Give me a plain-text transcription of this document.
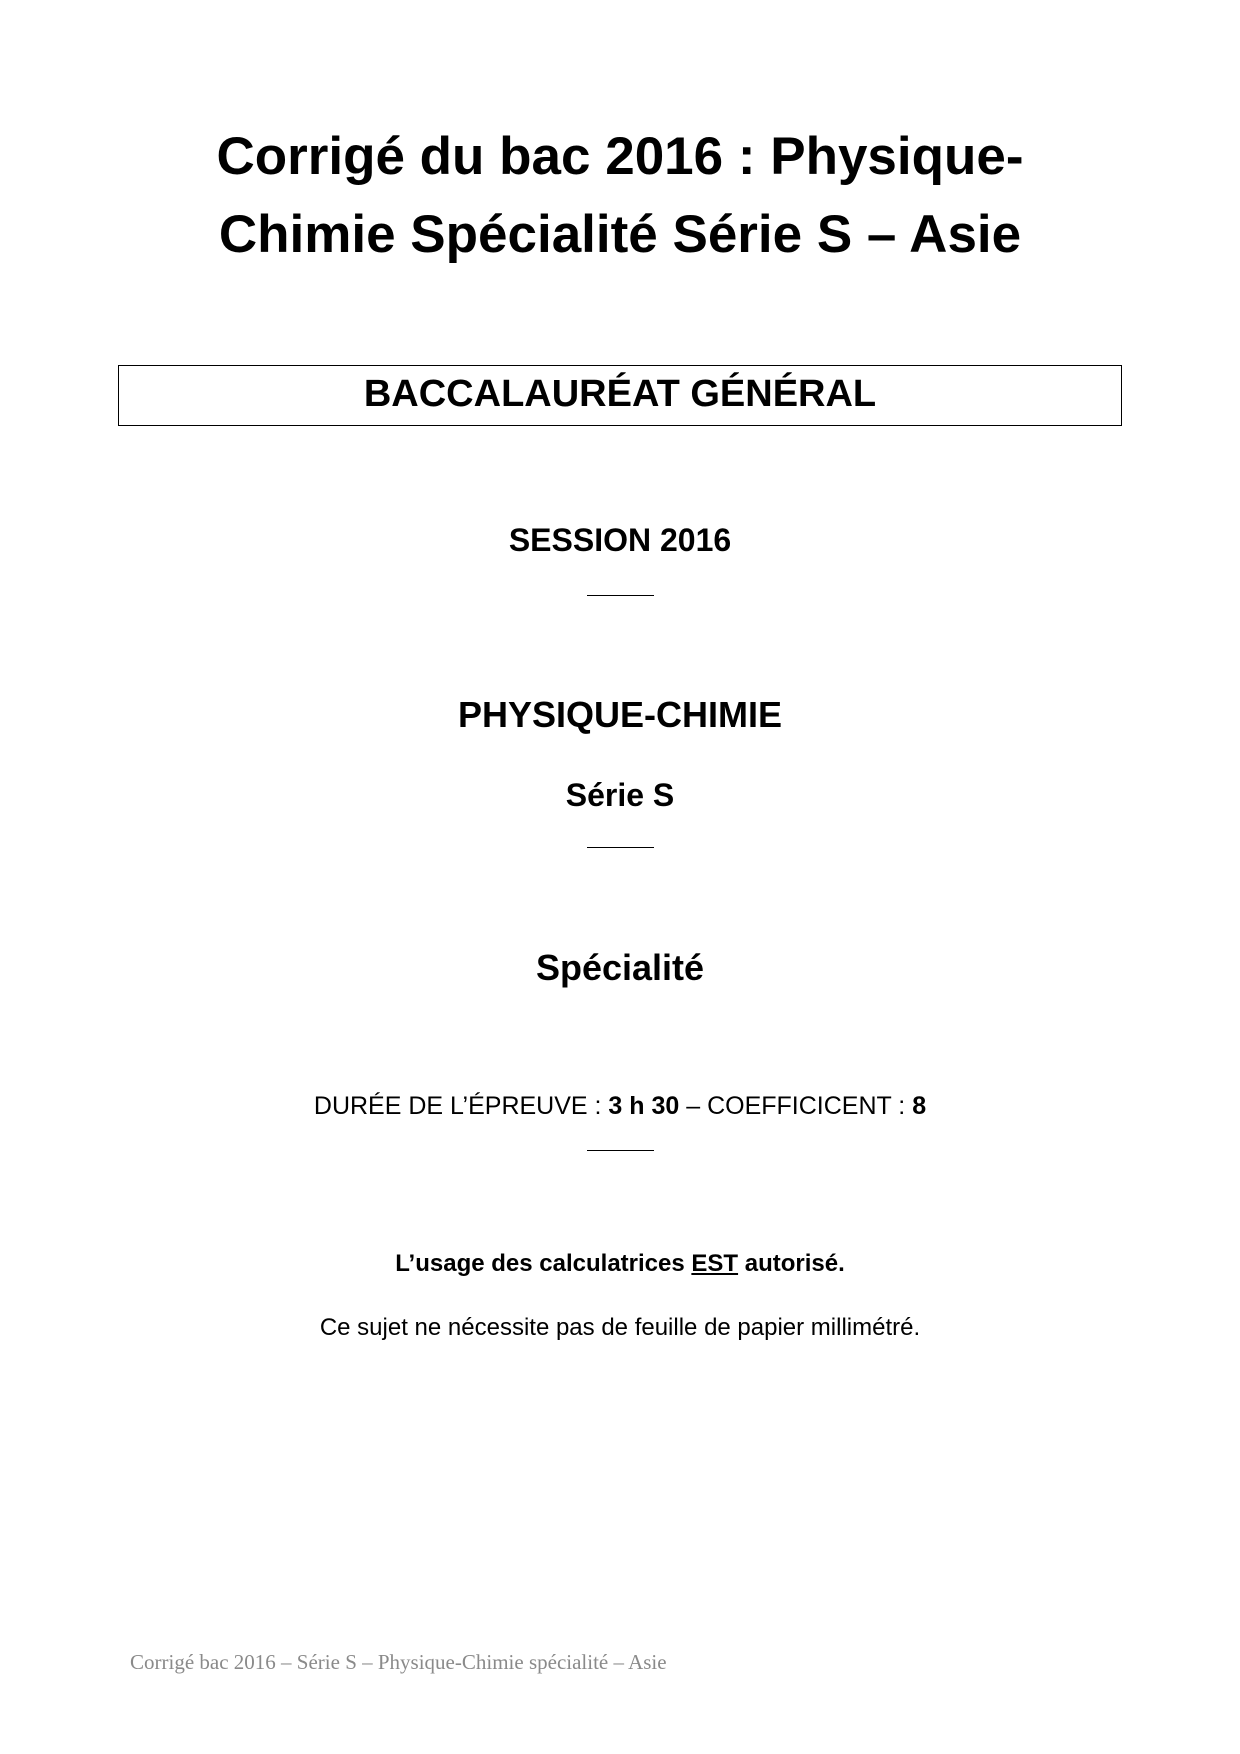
Corrigé du bac 2016 : Physique-
Chimie Spécialité Série S – Asie
BACCALAURÉAT GÉNÉRAL
SESSION 2016
PHYSIQUE-CHIMIE
Série S
Spécialité
DURÉE DE L’ÉPREUVE : 3 h 30 – COEFFICICENT : 8
L’usage des calculatrices EST autorisé.
Ce sujet ne nécessite pas de feuille de papier millimétré.
Corrigé bac 2016 – Série S – Physique-Chimie spécialité – Asie
